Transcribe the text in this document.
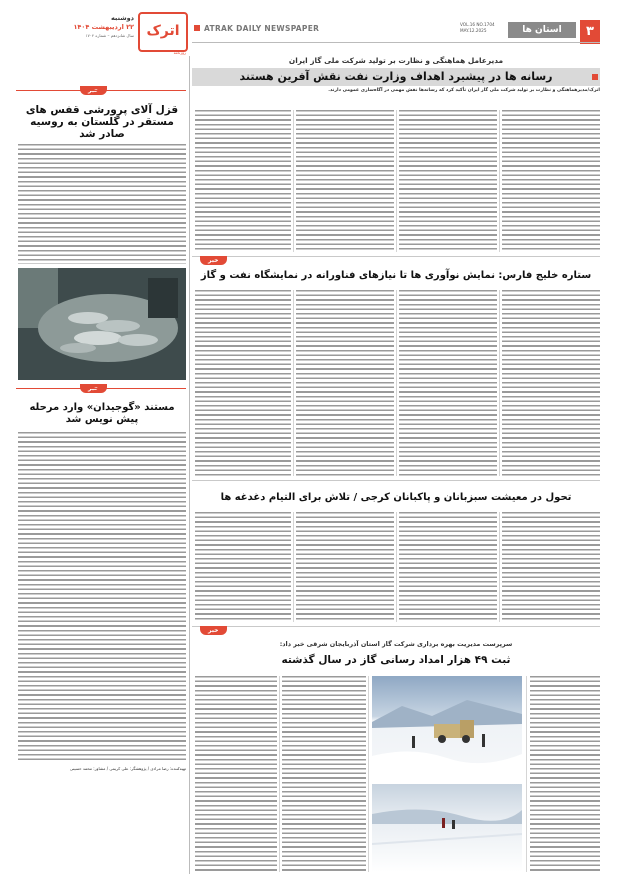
۳
استان ها
VOL.16 NO.1704
MAY.12.2025
ATRAK DAILY NEWSPAPER
اترک
روزنامه
دوشنبه
۲۲ اردیبهشت ۱۴۰۴
سال شانزدهم – شماره ۱۷۰۴
مدیرعامل هماهنگی و نظارت بر تولید شرکت ملی گاز ایران
رسانه ها در پیشبرد اهداف وزارت نفت نقش آفرین هستند
اترک/مدیرهماهنگی و نظارت بر تولید شرکت ملی گاز ایران تأکید کرد که رسانه‌ها نقش مهمی در آگاه‌سازی عمومی دارند.
خبر
ستاره خلیج فارس: نمایش نوآوری ها تا نیازهای فناورانه در نمایشگاه نفت و گاز
تحول در معیشت سبزبانان و پاکبانان کرجی / تلاش برای التیام دغدغه ها
خبر
سرپرست مدیریت بهره برداری شرکت گاز استان آذربایجان شرقی خبر داد:
ثبت ۴۹ هزار امداد رسانی گاز در سال گذشته
خبر
قزل آلای پرورشی قفس های مستقر در گلستان به روسیه صادر شد
خبر
مستند «گوجیدان» وارد مرحله پیش نویس شد
تهیه‌کننده: رضا مرادی / پژوهشگر: علی کریمی / مشاور: محمد حسینی
